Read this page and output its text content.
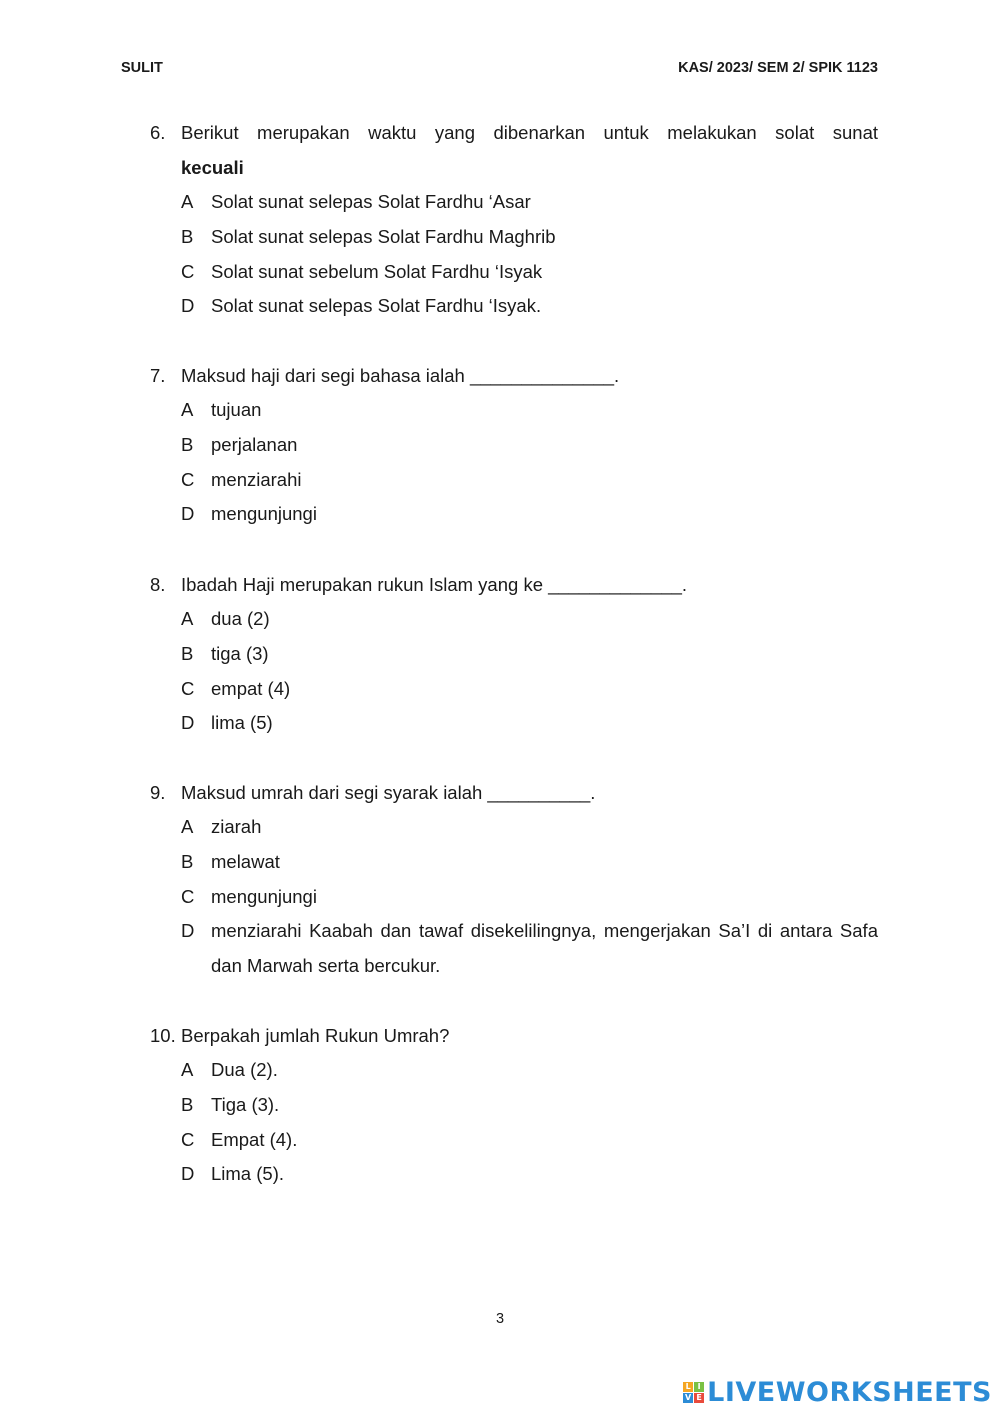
SULIT	KAS/ 2023/ SEM 2/ SPIK 1123
6. Berikut merupakan waktu yang dibenarkan untuk melakukan solat sunat
kecuali
A Solat sunat selepas Solat Fardhu ‘Asar
B Solat sunat selepas Solat Fardhu Maghrib
C Solat sunat sebelum Solat Fardhu ‘Isyak
D Solat sunat selepas Solat Fardhu ‘Isyak.
7. Maksud haji dari segi bahasa ialah ______________.
A tujuan
B perjalanan
C menziarahi
D mengunjungi
8. Ibadah Haji merupakan rukun Islam yang ke _____________.
A dua (2)
B tiga (3)
C empat (4)
D lima (5)
9. Maksud umrah dari segi syarak ialah __________.
A ziarah
B melawat
C mengunjungi
D menziarahi Kaabah dan tawaf disekelilingnya, mengerjakan Sa’I di antara Safa dan Marwah serta bercukur.
10. Berpakah jumlah Rukun Umrah?
A Dua (2).
B Tiga (3).
C Empat (4).
D Lima (5).
3
L I
V E LIVEWORKSHEETS
